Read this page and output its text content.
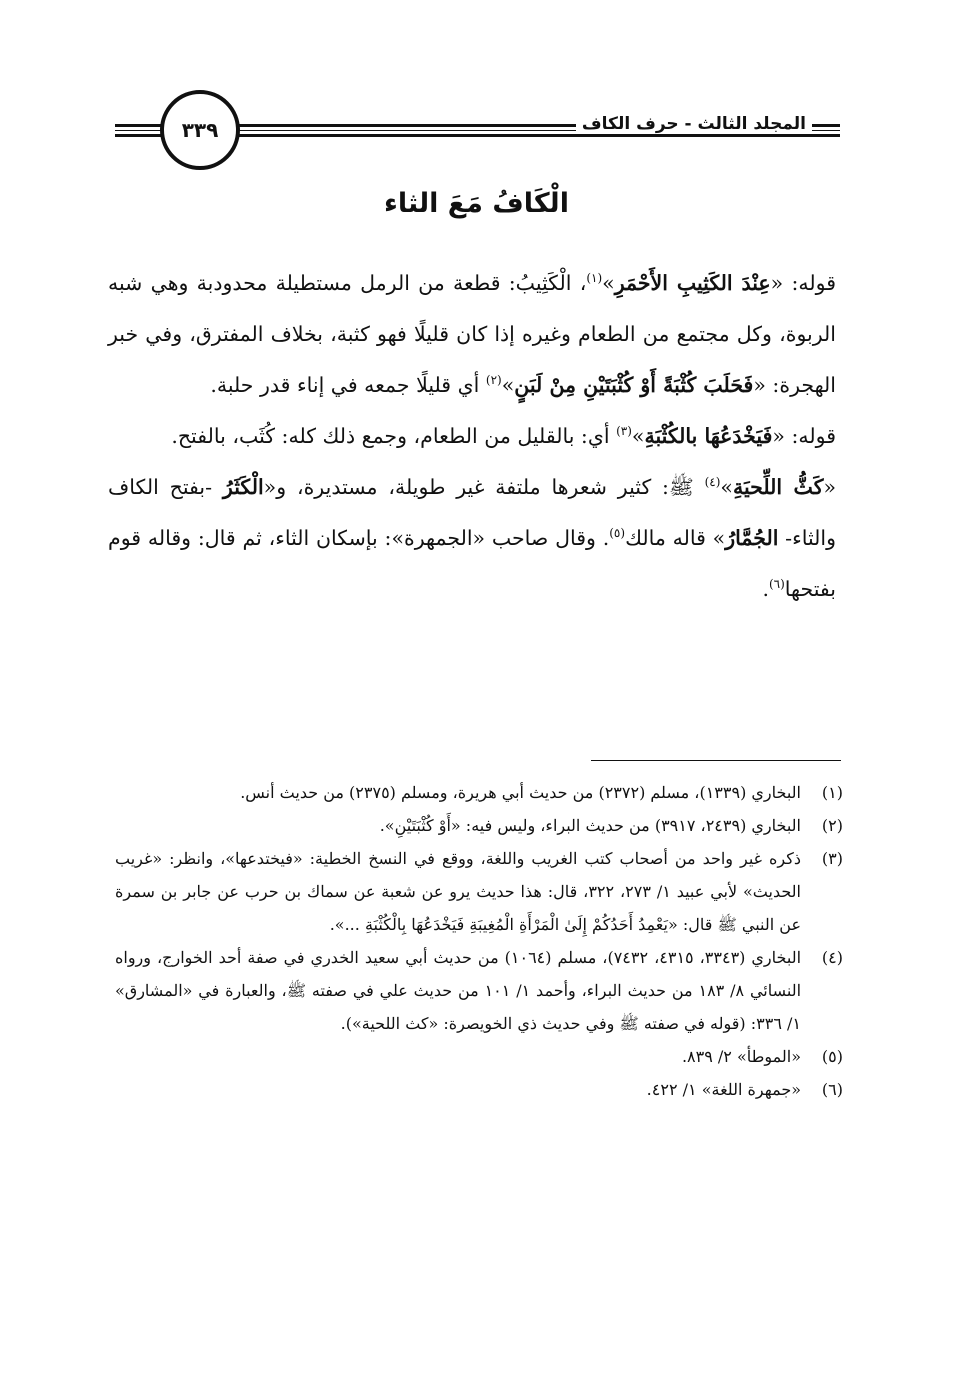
٣٣٩	المجلد الثالث - حرف الكاف
الْكَافُ مَعَ الثاء

قوله: «عِنْدَ الكَثِيبِ الأَحْمَرِ»$^{(١)}$، الْكَثِيبُ: قطعة من الرمل مستطيلة محدودبة وهي شبه الربوة، وكل مجتمع من الطعام وغيره إذا كان قليلًا فهو كثبة، بخلاف المفترق، وفي خبر الهجرة: «فَحَلَبَ كُثْبَةً أَوْ كُثْبَتَيْنِ مِنْ لَبَنٍ»$^{(٢)}$ أي قليلًا جمعه في إناء قدر حلبة.

قوله: «فَيَخْدَعُهَا بالكُثْبَةِ»$^{(٣)}$ أي: بالقليل من الطعام، وجمع ذلك كله: كُثَب، بالفتح.

«كَثُّ اللِّحيَةِ»$^{(٤)}$ ﷺ: كثير شعرها ملتفة غير طويلة، مستديرة، و«الْكَثَرُ -بفتح الكاف والثاء- الجُمَّارُ» قاله مالك$^{(٥)}$. وقال صاحب «الجمهرة»: بإسكان الثاء، ثم قال: وقاله قوم بفتحها$^{(٦)}$.

(١)
البخاري (١٣٣٩)، مسلم (٢٣٧٢) من حديث أبي هريرة، ومسلم (٢٣٧٥) من حديث أنس.
(٢)
البخاري (٢٤٣٩، ٣٩١٧) من حديث البراء، وليس فيه: «أَوْ كُثْبَتَيْنِ».
(٣)
ذكره غير واحد من أصحاب كتب الغريب واللغة، ووقع في النسخ الخطية: «فيختدعها»، وانظر: «غريب الحديث» لأبي عبيد ١/ ٢٧٣، ٣٢٢، قال: هذا حديث يرو عن شعبة عن سماك بن حرب عن جابر بن سمرة عن النبي ﷺ قال: «يَعْمِدُ أَحَدُكُمْ إِلَىٰ الْمَرْأَةِ الْمُغِيبَةِ فَيَخْدَعُهَا بِالْكُثْبَةِ ...».
(٤)
البخاري (٣٣٤٣، ٤٣١٥، ٧٤٣٢)، مسلم (١٠٦٤) من حديث أبي سعيد الخدري في صفة أحد الخوارج، ورواه النسائي ٨/ ١٨٣ من حديث البراء، وأحمد ١/ ١٠١ من حديث علي في صفته ﷺ، والعبارة في «المشارق» ١/ ٣٣٦: (قوله في صفته ﷺ وفي حديث ذي الخويصرة: «كث اللحية»).
(٥)
«الموطأ» ٢/ ٨٣٩.
(٦)
«جمهرة اللغة» ١/ ٤٢٢.
